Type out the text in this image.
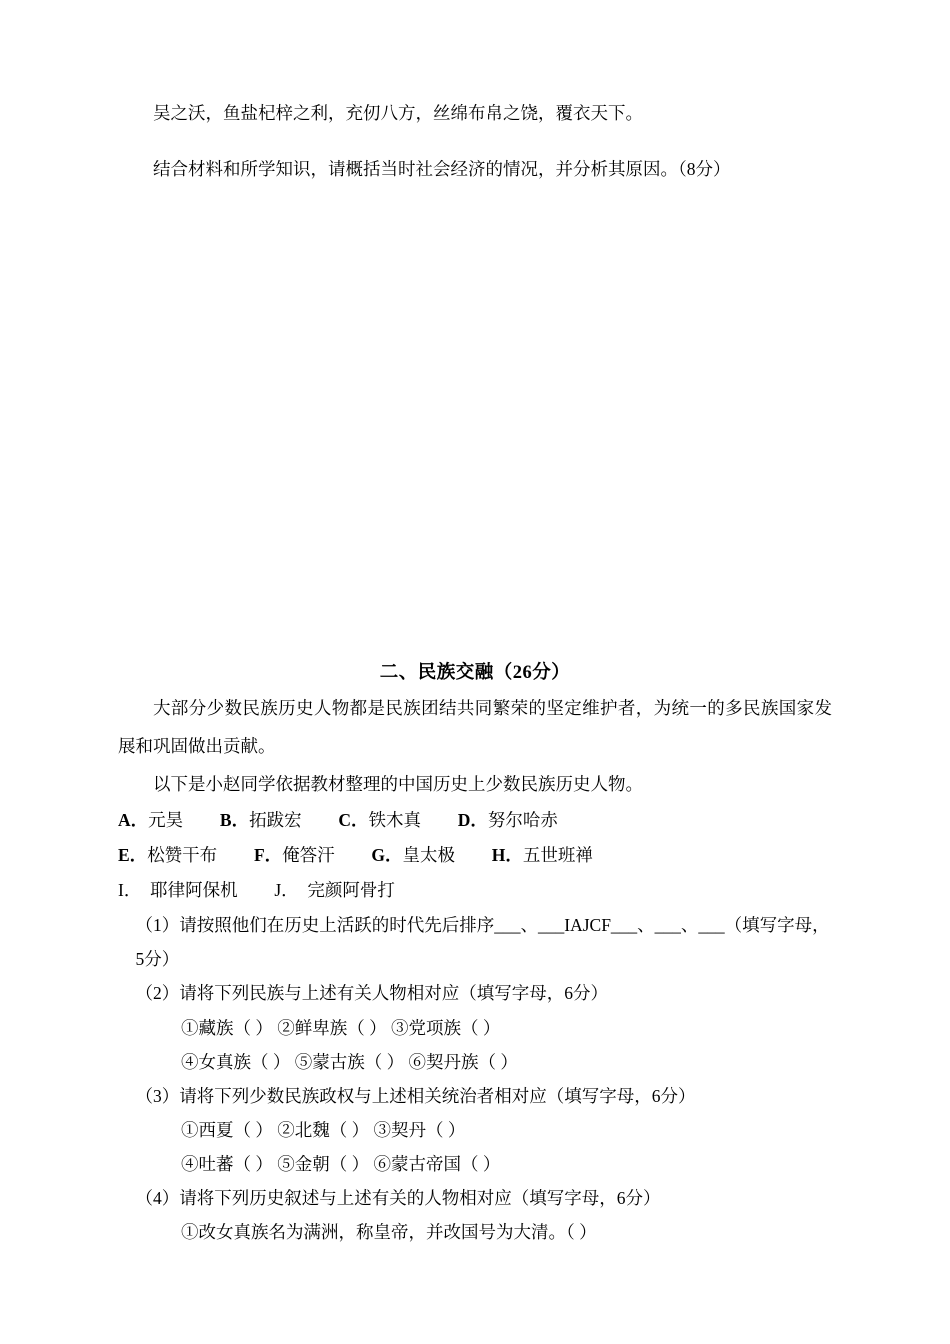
吴之沃，鱼盐杞梓之利，充仞八方，丝绵布帛之饶，覆衣天下。

结合材料和所学知识，请概括当时社会经济的情况，并分析其原因。（8分）

二、民族交融（26分）

大部分少数民族历史人物都是民族团结共同繁荣的坚定维护者，为统一的多民族国家发展和巩固做出贡献。

以下是小赵同学依据教材整理的中国历史上少数民族历史人物。

A．元昊 B．拓跋宏 C．铁木真 D．努尔哈赤

E．松赞干布 F．俺答汗 G．皇太极 H．五世班禅

I． 耶律阿保机 J． 完颜阿骨打

（1）请按照他们在历史上活跃的时代先后排序___、___IAJCF___、___、___（填写字母，5分）

（2）请将下列民族与上述有关人物相对应（填写字母，6分）

①藏族（ ） ②鲜卑族（ ） ③党项族（ ）

④女真族（ ） ⑤蒙古族（ ） ⑥契丹族（ ）

（3）请将下列少数民族政权与上述相关统治者相对应（填写字母，6分）

①西夏（ ） ②北魏（ ） ③契丹（ ）

④吐蕃（ ） ⑤金朝（ ） ⑥蒙古帝国（ ）

（4）请将下列历史叙述与上述有关的人物相对应（填写字母，6分）

①改女真族名为满洲，称皇帝，并改国号为大清。（ ）
